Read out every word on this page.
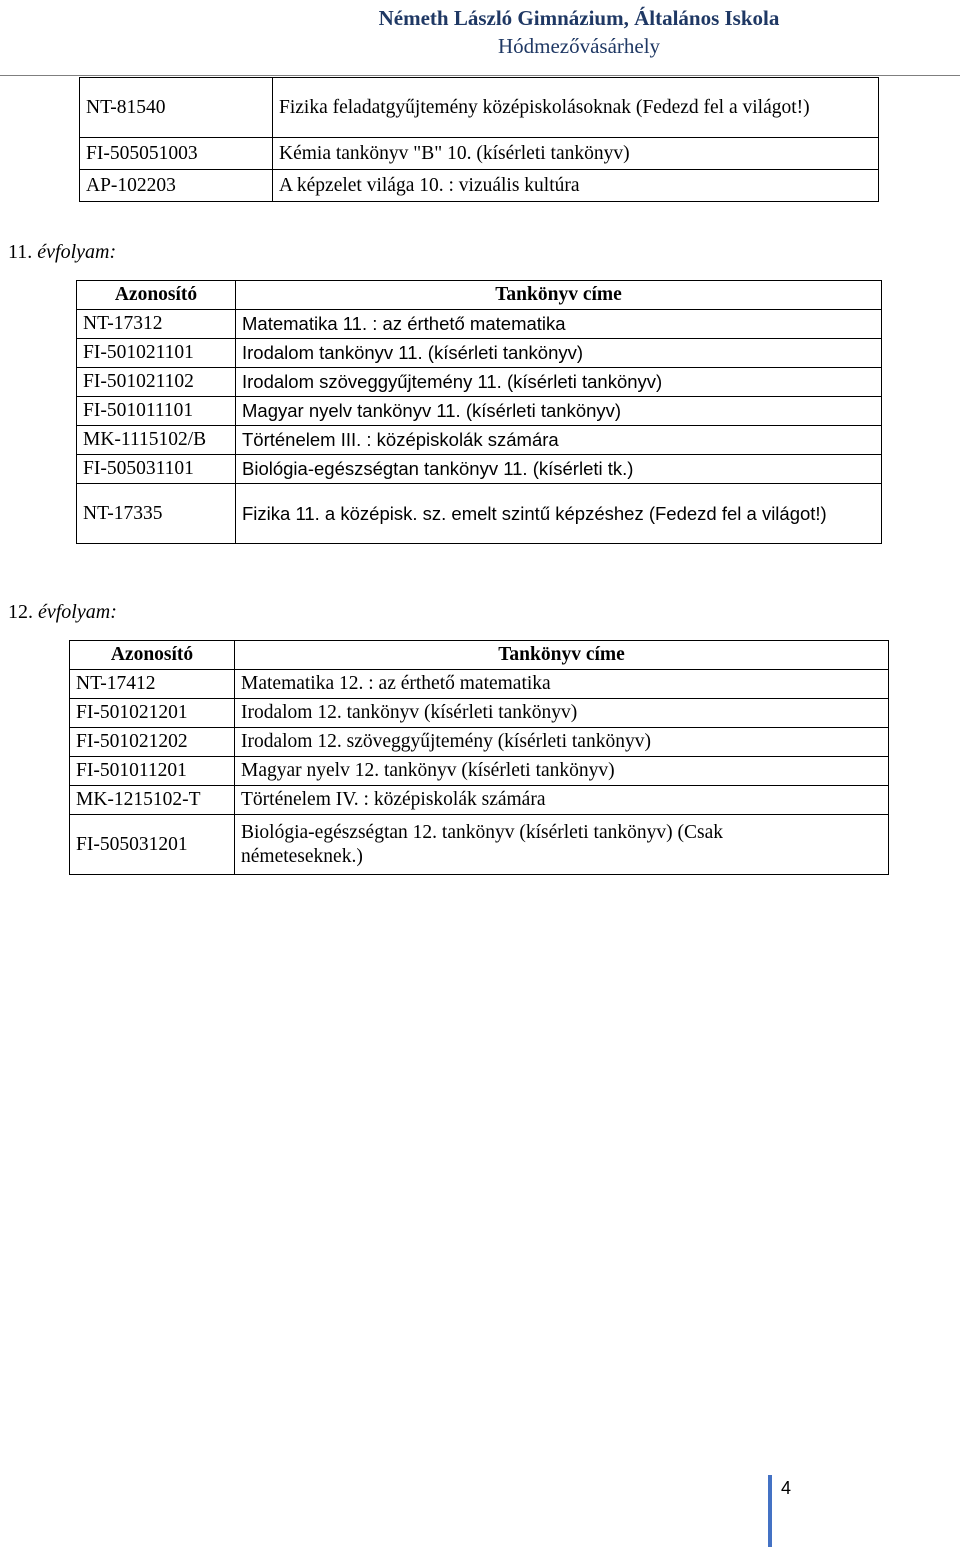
Németh László Gimnázium, Általános Iskola Hódmezővásárhely
NT-81540	Fizika feladatgyűjtemény középiskolásoknak (Fedezd fel a világot!)
FI-505051003	Kémia tankönyv "B" 10. (kísérleti tankönyv)
AP-102203	A képzelet világa 10. : vizuális kultúra
11. évfolyam:
Azonosító	Tankönyv címe
NT-17312	Matematika 11. : az érthető matematika
FI-501021101	Irodalom tankönyv 11. (kísérleti tankönyv)
FI-501021102	Irodalom szöveggyűjtemény 11. (kísérleti tankönyv)
FI-501011101	Magyar nyelv tankönyv 11. (kísérleti tankönyv)
MK-1115102/B	Történelem III. : középiskolák számára
FI-505031101	Biológia-egészségtan tankönyv 11. (kísérleti tk.)
NT-17335	Fizika 11. a középisk. sz. emelt szintű képzéshez (Fedezd fel a világot!)
12. évfolyam:
Azonosító	Tankönyv címe
NT-17412	Matematika 12. : az érthető matematika
FI-501021201	Irodalom 12. tankönyv (kísérleti tankönyv)
FI-501021202	Irodalom 12. szöveggyűjtemény (kísérleti tankönyv)
FI-501011201	Magyar nyelv 12. tankönyv (kísérleti tankönyv)
MK-1215102-T	Történelem IV. : középiskolák számára
FI-505031201	Biológia-egészségtan 12. tankönyv (kísérleti tankönyv) (Csak németeseknek.)
4
